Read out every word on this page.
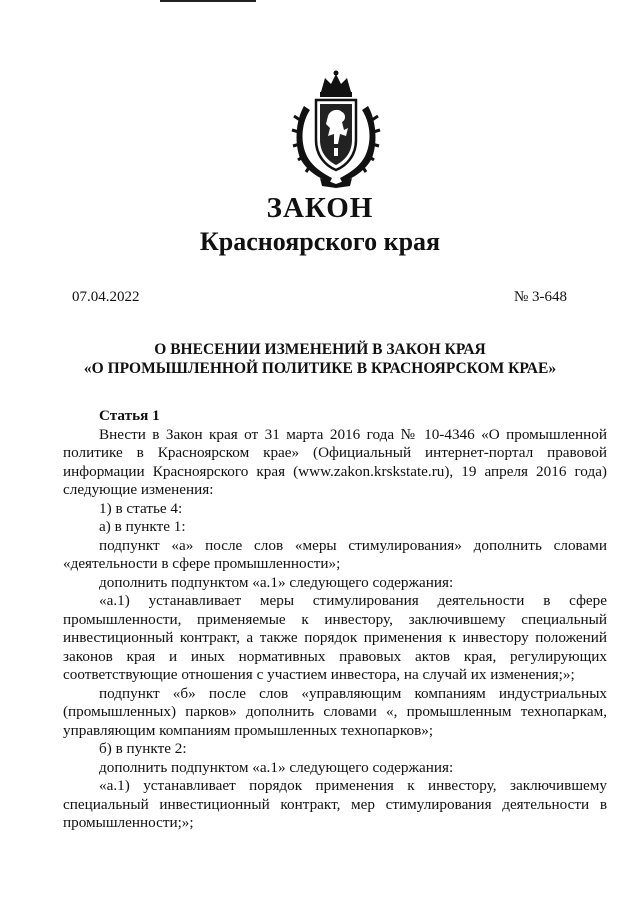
ЗАКОН
Красноярского края
07.04.2022	№ 3-648
О ВНЕСЕНИИ ИЗМЕНЕНИЙ В ЗАКОН КРАЯ
«О ПРОМЫШЛЕННОЙ ПОЛИТИКЕ В КРАСНОЯРСКОМ КРАЕ»
Статья 1
Внести в Закон края от 31 марта 2016 года № 10-4346 «О промышленной
политике в Красноярском крае» (Официальный интернет-портал правовой
информации Красноярского края (www.zakon.krskstate.ru), 19 апреля 2016 года)
следующие изменения:
1) в статье 4:
а) в пункте 1:
подпункт «а» после слов «меры стимулирования» дополнить словами
«деятельности в сфере промышленности»;
дополнить подпунктом «а.1» следующего содержания:
«а.1) устанавливает меры стимулирования деятельности в сфере
промышленности, применяемые к инвестору, заключившему специальный
инвестиционный контракт, а также порядок применения к инвестору положений
законов края и иных нормативных правовых актов края, регулирующих
соответствующие отношения с участием инвестора, на случай их изменения;»;
подпункт «б» после слов «управляющим компаниям индустриальных
(промышленных) парков» дополнить словами «, промышленным технопаркам,
управляющим компаниям промышленных технопарков»;
б) в пункте 2:
дополнить подпунктом «а.1» следующего содержания:
«а.1) устанавливает порядок применения к инвестору, заключившему
специальный инвестиционный контракт, мер стимулирования деятельности в
промышленности;»;
